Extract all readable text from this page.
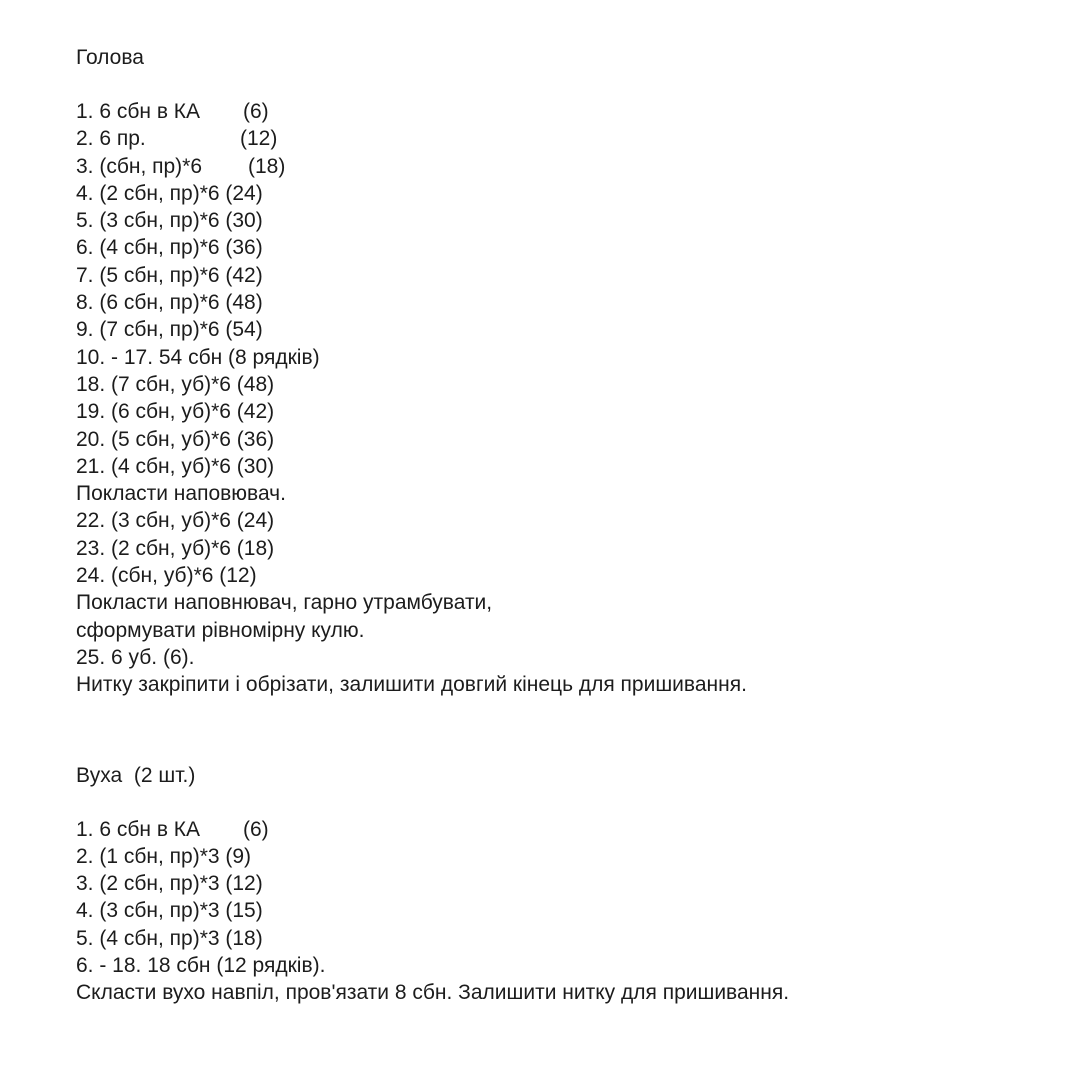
Голова
1. 6 сбн в КА (6)
2. 6 пр.	(12)
3. (сбн, пр)*6 (18)
4. (2 сбн, пр)*6 (24)
5. (3 сбн, пр)*6 (30)
6. (4 сбн, пр)*6 (36)
7. (5 сбн, пр)*6 (42)
8. (6 сбн, пр)*6 (48)
9. (7 сбн, пр)*6 (54)
10. - 17. 54 сбн (8 рядків)
18. (7 сбн, уб)*6 (48)
19. (6 сбн, уб)*6 (42)
20. (5 сбн, уб)*6 (36)
21. (4 сбн, уб)*6 (30)
Покласти наповювач.
22. (3 сбн, уб)*6 (24)
23. (2 сбн, уб)*6 (18)
24. (сбн, уб)*6 (12)
Покласти наповнювач, гарно утрамбувати,
сформувати рівномірну кулю.
25. 6 уб. (6).
Нитку закріпити і обрізати, залишити довгий кінець для пришивання.
Вуха  (2 шт.)
1. 6 сбн в КА (6)
2. (1 сбн, пр)*3 (9)
3. (2 сбн, пр)*3 (12)
4. (3 сбн, пр)*3 (15)
5. (4 сбн, пр)*3 (18)
6. - 18. 18 сбн (12 рядків).
Скласти вухо навпіл, пров'язати 8 сбн. Залишити нитку для пришивання.
